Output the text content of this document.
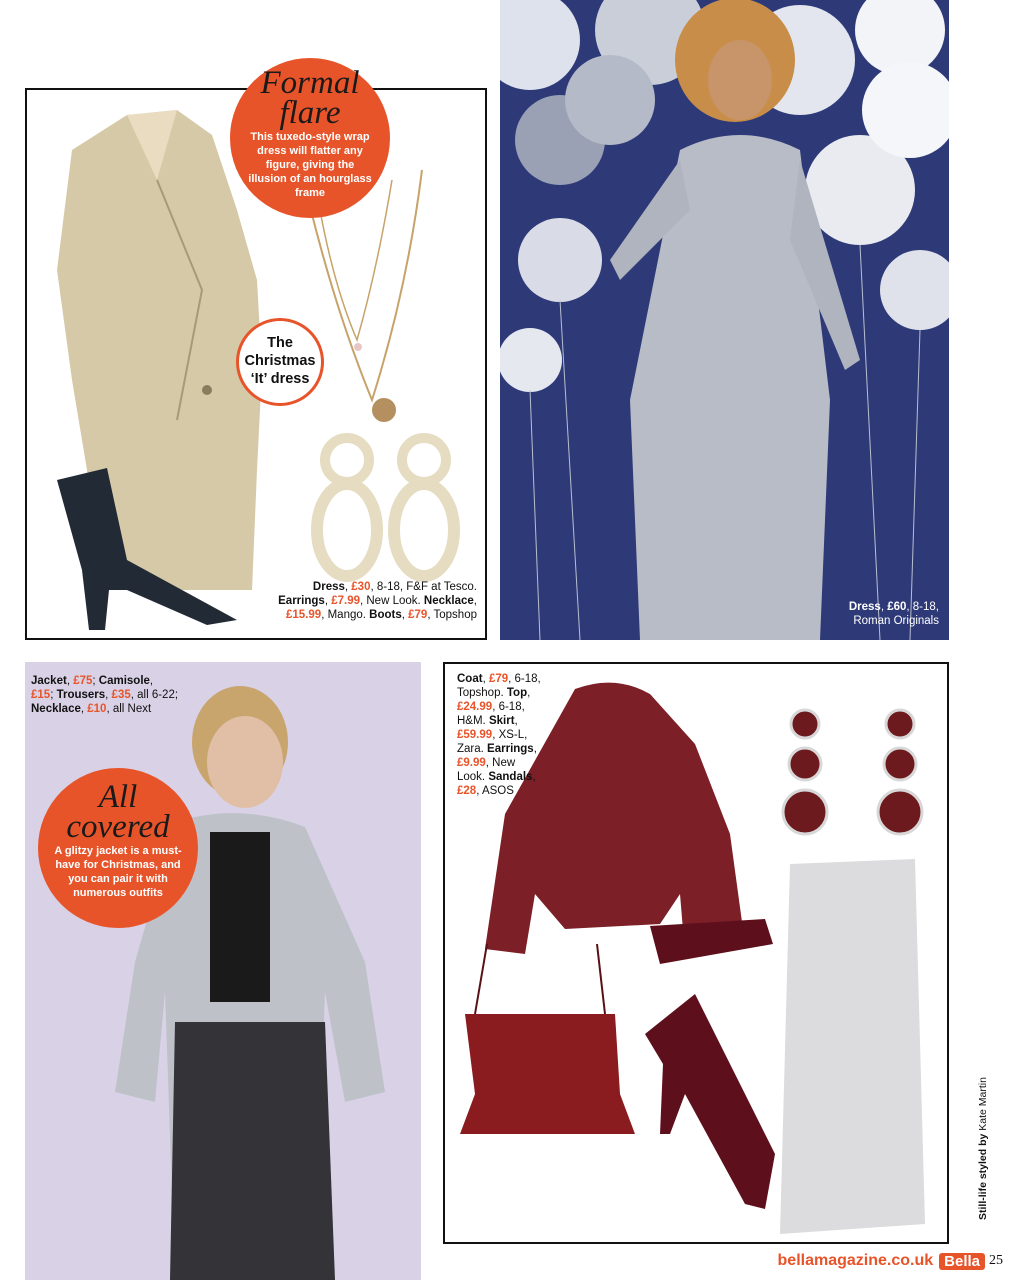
Dress, £30, 8-18, F&F at Tesco.
Earrings, £7.99, New Look. Necklace,
£15.99, Mango. Boots, £79, Topshop
Formal
flare
This tuxedo-style wrap dress will flatter any figure, giving the illusion of an hourglass frame
The
Christmas
‘It’ dress
Dress, £60, 8-18,
Roman Originals
Jacket, £75; Camisole,
£15; Trousers, £35, all 6-22;
Necklace, £10, all Next
All
covered
A glitzy jacket is a must-have for Christmas, and you can pair it with numerous outfits
Coat, £79, 6-18, Topshop. Top,
£24.99, 6-18, H&M. Skirt,
£59.99, XS-L, Zara. Earrings,
£9.99, New Look. Sandals,
£28, ASOS
Still-life styled by Kate Martin
bellamagazine.co.uk Bella 25
